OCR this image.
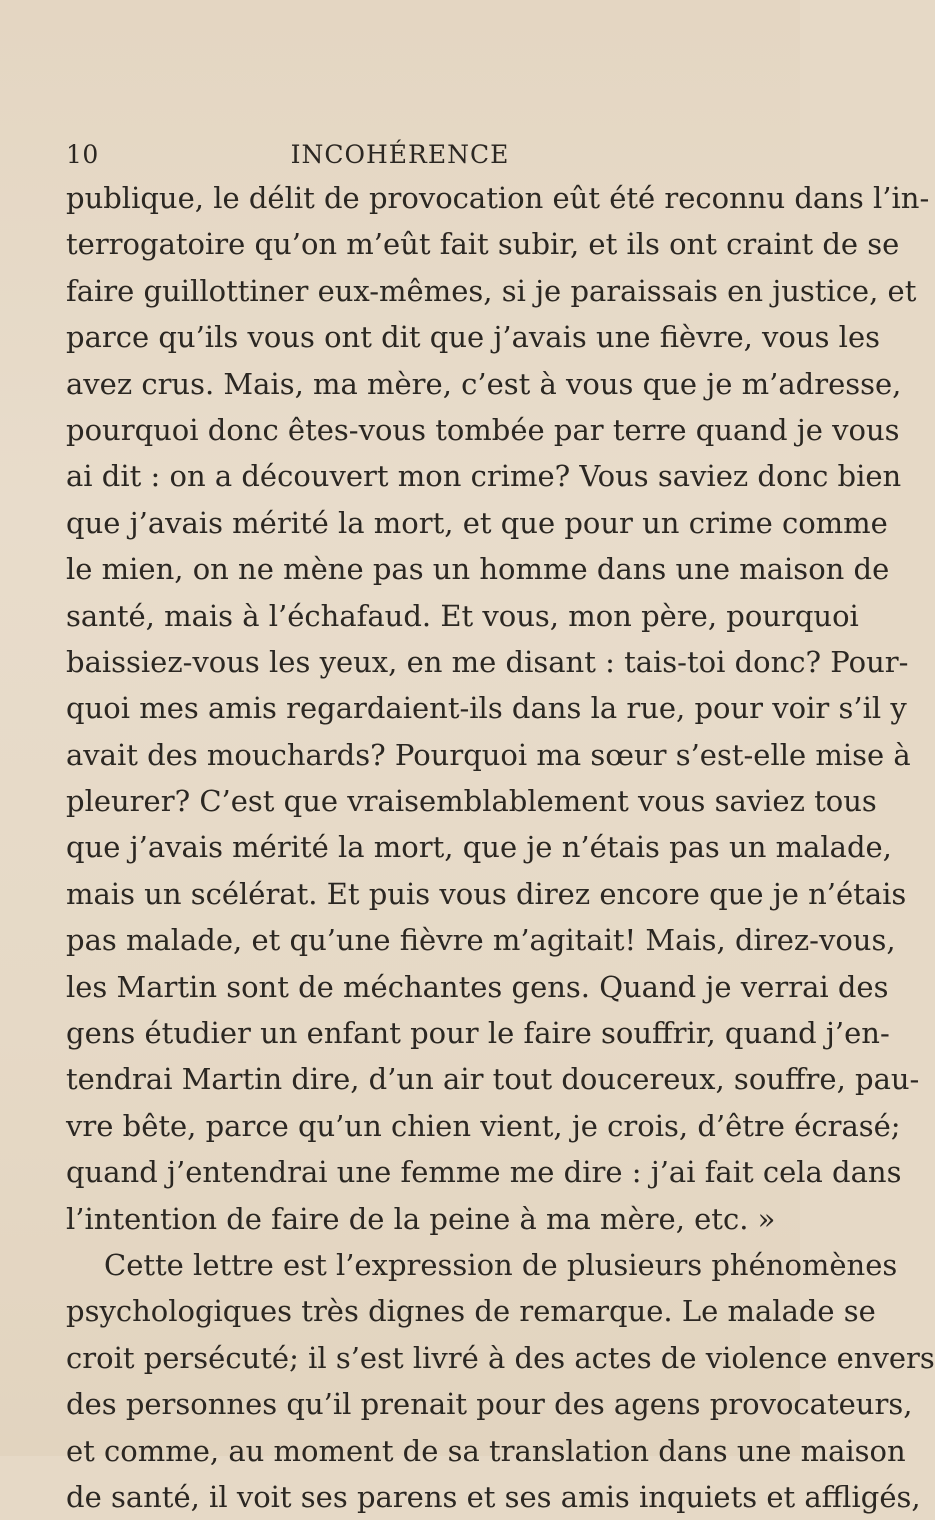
10	INCOHÉRENCE
publique, le délit de provocation eût été reconnu dans l’in-
terrogatoire qu’on m’eût fait subir, et ils ont craint de se
faire guillottiner eux-mêmes, si je paraissais en justice, et
parce qu’ils vous ont dit que j’avais une fièvre, vous les
avez crus. Mais, ma mère, c’est à vous que je m’adresse,
pourquoi donc êtes-vous tombée par terre quand je vous
ai dit : on a découvert mon crime? Vous saviez donc bien
que j’avais mérité la mort, et que pour un crime comme
le mien, on ne mène pas un homme dans une maison de
santé, mais à l’échafaud. Et vous, mon père, pourquoi
baissiez-vous les yeux, en me disant : tais-toi donc? Pour-
quoi mes amis regardaient-ils dans la rue, pour voir s’il y
avait des mouchards? Pourquoi ma sœur s’est-elle mise à
pleurer? C’est que vraisemblablement vous saviez tous
que j’avais mérité la mort, que je n’étais pas un malade,
mais un scélérat. Et puis vous direz encore que je n’étais
pas malade, et qu’une fièvre m’agitait! Mais, direz-vous,
les Martin sont de méchantes gens. Quand je verrai des
gens étudier un enfant pour le faire souffrir, quand j’en-
tendrai Martin dire, d’un air tout doucereux, souffre, pau-
vre bête, parce qu’un chien vient, je crois, d’être écrasé;
quand j’entendrai une femme me dire : j’ai fait cela dans
l’intention de faire de la peine à ma mère, etc. »
Cette lettre est l’expression de plusieurs phénomènes
psychologiques très dignes de remarque. Le malade se
croit persécuté; il s’est livré à des actes de violence envers
des personnes qu’il prenait pour des agens provocateurs,
et comme, au moment de sa translation dans une maison
de santé, il voit ses parens et ses amis inquiets et affligés,
